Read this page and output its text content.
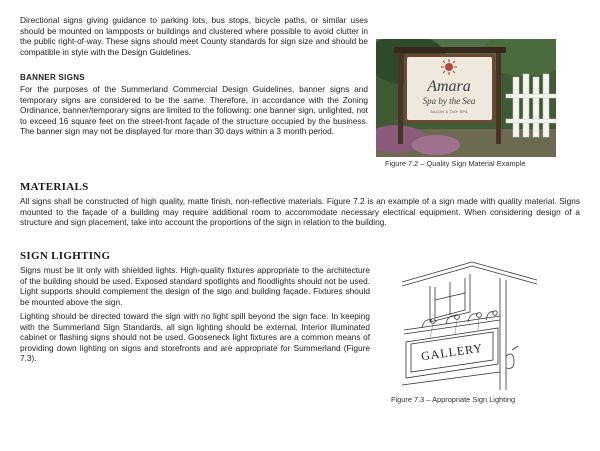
Directional signs giving guidance to parking lots, bus stops, bicycle paths, or similar uses should be mounted on lampposts or buildings and clustered where possible to avoid clutter in the public right-of-way. These signs should meet County standards for sign size and should be compatible in style with the Design Guidelines.

BANNER SIGNS

For the purposes of the Summerland Commercial Design Guidelines, banner signs and temporary signs are considered to be the same. Therefore, in accordance with the Zoning Ordinance, banner/temporary signs are limited to the following: one banner sign, unlighted, not to exceed 16 square feet on the street-front façade of the structure occupied by the business. The banner sign may not be displayed for more than 30 days within a 3 month period.

Amara
Spa by the Sea
SALON & DAY SPA
Figure 7.2 – Quality Sign Material Example
MATERIALS

All signs shall be constructed of high quality, matte finish, non-reflective materials. Figure 7.2 is an example of a sign made with quality material. Signs mounted to the façade of a building may require additional room to accommodate necessary electrical equipment. When considering design of a structure and sign placement, take into account the proportions of the sign in relation to the building.

SIGN LIGHTING

Signs must be lit only with shielded lights. High-quality fixtures appropriate to the architecture of the building should be used. Exposed standard spotlights and floodlights should not be used. Light supports should complement the design of the sign and building façade. Fixtures should be mounted above the sign.

Lighting should be directed toward the sign with no light spill beyond the sign face. In keeping with the Summerland Sign Standards, all sign lighting should be external. Interior illuminated cabinet or flashing signs should not be used. Gooseneck light fixtures are a common means of providing down lighting on signs and storefronts and are appropriate for Summerland (Figure 7.3).	GALLERY
Figure 7.3 – Appropriate Sign Lighting
